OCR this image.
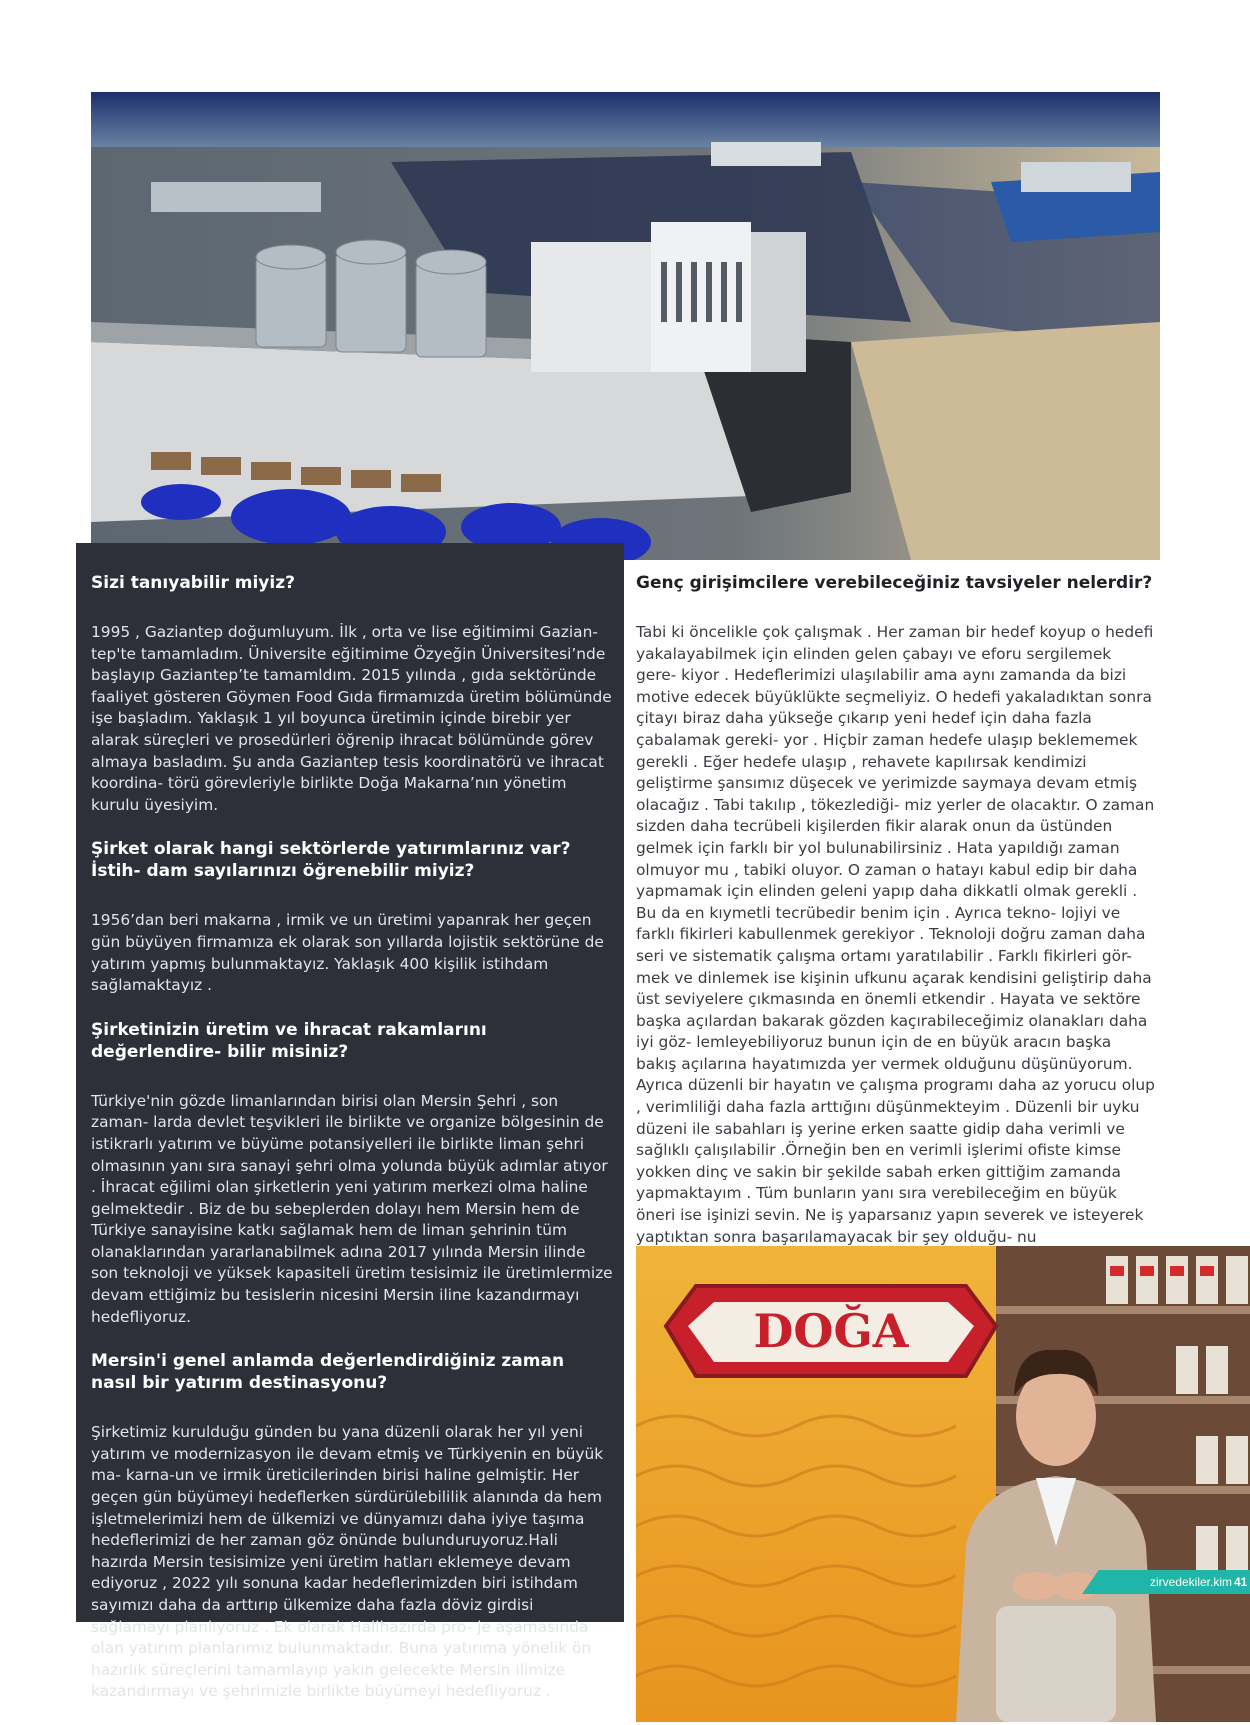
Sizi tanıyabilir miyiz?

1995 , Gaziantep doğumluyum. İlk , orta ve lise eğitimimi Gazian- tep'te tamamladım. Üniversite eğitimime Özyeğin Üniversitesi’nde başlayıp Gaziantep’te tamamldım. 2015 yılında , gıda sektöründe faaliyet gösteren Göymen Food Gıda firmamızda üretim bölümünde işe başladım. Yaklaşık 1 yıl boyunca üretimin içinde birebir yer alarak süreçleri ve prosedürleri öğrenip ihracat bölümünde görev almaya basladım. Şu anda Gaziantep tesis koordinatörü ve ihracat koordina- törü görevleriyle birlikte Doğa Makarna’nın yönetim kurulu üyesiyim.

Şirket olarak hangi sektörlerde yatırımlarınız var? İstih- dam sayılarınızı öğrenebilir miyiz?

1956’dan beri makarna , irmik ve un üretimi yapanrak her geçen gün büyüyen firmamıza ek olarak son yıllarda lojistik sektörüne de yatırım yapmış bulunmaktayız. Yaklaşık 400 kişilik istihdam sağlamaktayız .

Şirketinizin üretim ve ihracat rakamlarını değerlendire- bilir misiniz?

Türkiye'nin gözde limanlarından birisi olan Mersin Şehri , son zaman- larda devlet teşvikleri ile birlikte ve organize bölgesinin de istikrarlı yatırım ve büyüme potansiyelleri ile birlikte liman şehri olmasının yanı sıra sanayi şehri olma yolunda büyük adımlar atıyor . İhracat eğilimi olan şirketlerin yeni yatırım merkezi olma haline gelmektedir . Biz de bu sebeplerden dolayı hem Mersin hem de Türkiye sanayisine katkı sağlamak hem de liman şehrinin tüm olanaklarından yararlanabilmek adına 2017 yılında Mersin ilinde son teknoloji ve yüksek kapasiteli üretim tesisimiz ile üretimlermize devam ettiğimiz bu tesislerin nicesini Mersin iline kazandırmayı hedefliyoruz.

Mersin'i genel anlamda değerlendirdiğiniz zaman nasıl bir yatırım destinasyonu?

Şirketimiz kurulduğu günden bu yana düzenli olarak her yıl yeni yatırım ve modernizasyon ile devam etmiş ve Türkiyenin en büyük ma- karna-un ve irmik üreticilerinden birisi haline gelmiştir. Her geçen gün büyümeyi hedeflerken sürdürülebililik alanında da hem işletmelerimizi hem de ülkemizi ve dünyamızı daha iyiye taşıma hedeflerimizi de her zaman göz önünde bulunduruyoruz.Hali hazırda Mersin tesisimize yeni üretim hatları eklemeye devam ediyoruz , 2022 yılı sonuna kadar hedeflerimizden biri istihdam sayımızı daha da arttırıp ülkemize daha fazla döviz girdisi sağlamayı planlıyoruz . Ek olarak Halihazırda pro- je aşamasında olan yatırım planlarımız bulunmaktadır. Buna yatırıma yönelik ön hazırlık süreçlerini tamamlayıp yakın gelecekte Mersin ilimize kazandırmayı ve şehrimizle birlikte büyümeyi hedefliyoruz .

Genç girişimcilere verebileceğiniz tavsiyeler nelerdir?

Tabi ki öncelikle çok çalışmak . Her zaman bir hedef koyup o hedefi yakalayabilmek için elinden gelen çabayı ve eforu sergilemek gere- kiyor . Hedeflerimizi ulaşılabilir ama aynı zamanda da bizi motive edecek büyüklükte seçmeliyiz. O hedefi yakaladıktan sonra çitayı biraz daha yükseğe çıkarıp yeni hedef için daha fazla çabalamak gereki- yor . Hiçbir zaman hedefe ulaşıp beklememek gerekli . Eğer hedefe ulaşıp , rehavete kapılırsak kendimizi geliştirme şansımız düşecek ve yerimizde saymaya devam etmiş olacağız . Tabi takılıp , tökezlediği- miz yerler de olacaktır. O zaman sizden daha tecrübeli kişilerden fikir alarak onun da üstünden gelmek için farklı bir yol bulunabilirsiniz . Hata yapıldığı zaman olmuyor mu , tabiki oluyor. O zaman o hatayı kabul edip bir daha yapmamak için elinden geleni yapıp daha dikkatli olmak gerekli . Bu da en kıymetli tecrübedir benim için . Ayrıca tekno- lojiyi ve farklı fikirleri kabullenmek gerekiyor . Teknoloji doğru zaman daha seri ve sistematik çalışma ortamı yaratılabilir . Farklı fikirleri gör- mek ve dinlemek ise kişinin ufkunu açarak kendisini geliştirip daha üst seviyelere çıkmasında en önemli etkendir . Hayata ve sektöre başka açılardan bakarak gözden kaçırabileceğimiz olanakları daha iyi göz- lemleyebiliyoruz bunun için de en büyük aracın başka bakış açılarına hayatımızda yer vermek olduğunu düşünüyorum. Ayrıca düzenli bir hayatın ve çalışma programı daha az yorucu olup , verimliliği daha fazla arttığını düşünmekteyim . Düzenli bir uyku düzeni ile sabahları iş yerine erken saatte gidip daha verimli ve sağlıklı çalışılabilir .Örneğin ben en verimli işlerimi ofiste kimse yokken dinç ve sakin bir şekilde sabah erken gittiğim zamanda yapmaktayım . Tüm bunların yanı sıra verebileceğim en büyük öneri ise işinizi sevin. Ne iş yaparsanız yapın severek ve isteyerek yaptıktan sonra başarılamayacak bir şey olduğu- nu

DOĞA
zirvedekiler.kim 41
